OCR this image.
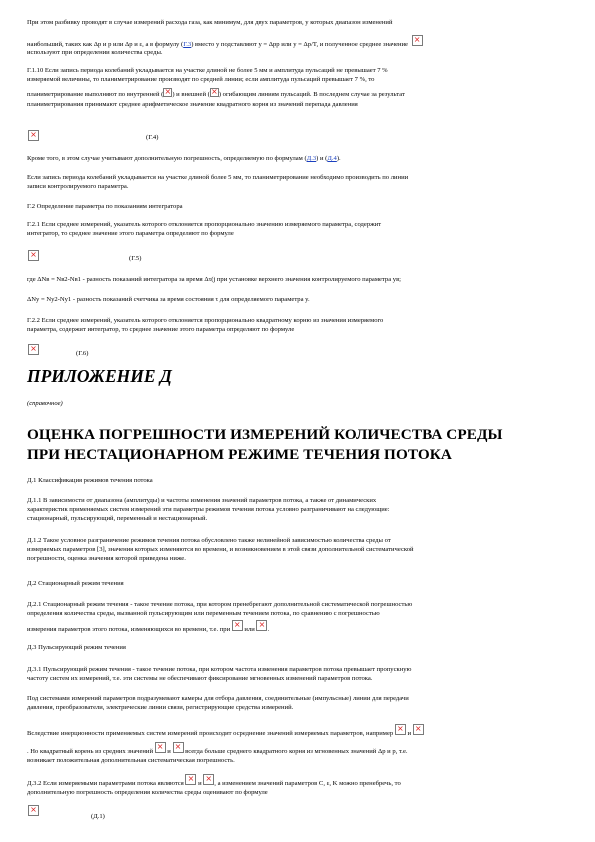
При этом разбивку проводят в случае измерений расхода газа, как минимум, для двух параметров, у которых диапазон изменений

наибольший, таких как Δp и p или Δp и ε, а в формулу (Г.3) вместо y подставляют y = Δpp или y = Δp/T, и полученное среднее значение ×

используют при определении количества среды.

Г.1.10 Если запись периода колебаний укладывается на участке длиной не более 5 мм и амплитуда пульсаций не превышает 7 %

измеряемой величины, то планиметрирование производят по средней линии; если амплитуда пульсаций превышает 7 %, то

планиметрирование выполняют по внутренней ( × ) и внешней ( × ) огибающим линиям пульсаций. В последнем случае за результат

планиметрирования принимают среднее арифметическое значение квадратного корня из значений перепада давления

×
(Г.4)

Кроме того, в этом случае учитывают дополнительную погрешность, определяемую по формулам (Д.3) и (Д.4).

Если запись периода колебаний укладывается на участке длиной более 5 мм, то планиметрирование необходимо производить по линии

записи контролируемого параметра.

Г.2 Определение параметра по показаниям интегратора

Г.2.1 Если среднее измерений, указатель которого отклоняется пропорционально значению измеряемого параметра, содержит

интегратор, то среднее значение этого параметра определяют по формуле

×
(Г.5)

где ΔNв = Nв2-Nв1 - разность показаний интегратора за время Δτ(j при установке верхнего значения контролируемого параметра yв;

ΔNy = Ny2-Ny1 - разность показаний счетчика за время состояния τ для определяемого параметра y.

Г.2.2 Если среднее измерений, указатель которого отклоняется пропорционально квадратному корню из значения измеряемого

параметра, содержит интегратор, то среднее значение этого параметра определяют по формуле

×
(Г.6)
ПРИЛОЖЕНИЕ Д

(справочное)

ОЦЕНКА ПОГРЕШНОСТИ ИЗМЕРЕНИЙ КОЛИЧЕСТВА СРЕДЫ
ПРИ НЕСТАЦИОНАРНОМ РЕЖИМЕ ТЕЧЕНИЯ ПОТОКА

Д.1 Классификация режимов течения потока

Д.1.1 В зависимости от диапазона (амплитуды) и частоты изменения значений параметров потока, а также от динамических

характеристик применяемых систем измерений эти параметры режимов течения потока условно разграничивают на следующие:

стационарный, пульсирующий, переменный и нестационарный.

Д.1.2 Такое условное разграничение режимов течения потока обусловлено также нелинейной зависимостью количества среды от

измеряемых параметров [3], значения которых изменяются во времени, и возникновением в этой связи дополнительной систематической

погрешности, оценка значения которой приведена ниже.

Д.2 Стационарный режим течения

Д.2.1 Стационарный режим течения - такое течение потока, при котором пренебрегают дополнительной систематической погрешностью

определения количества среды, вызванной пульсирующим или переменным течением потока, по сравнению с погрешностью

измерения параметров этого потока, изменяющихся во времени, т.е. при × или × .

Д.3 Пульсирующий режим течения

Д.3.1 Пульсирующий режим течения - такое течение потока, при котором частота изменения параметров потока превышает пропускную

частоту систем их измерений, т.е. эти системы не обеспечивают фиксирование мгновенных изменений параметров потока.

Под системами измерений параметров подразумевают камеры для отбора давления, соединительные (импульсные) линии для передачи

давления, преобразователи, электрические линии связи, регистрирующие средства измерений.

Вследствие инерционности применяемых систем измерений происходит осреднение значений измеряемых параметров, например × и ×

. Но квадратный корень из средних значений × и × всегда больше среднего квадратного корня из мгновенных значений Δp и p, т.е.

возникает положительная дополнительная систематическая погрешность.

Д.3.2 Если измеряемыми параметрами потока являются × и × , а изменением значений параметров C, ε, K можно пренебречь, то

дополнительную погрешность определения количества среды оценивают по формуле

×
(Д.1)
